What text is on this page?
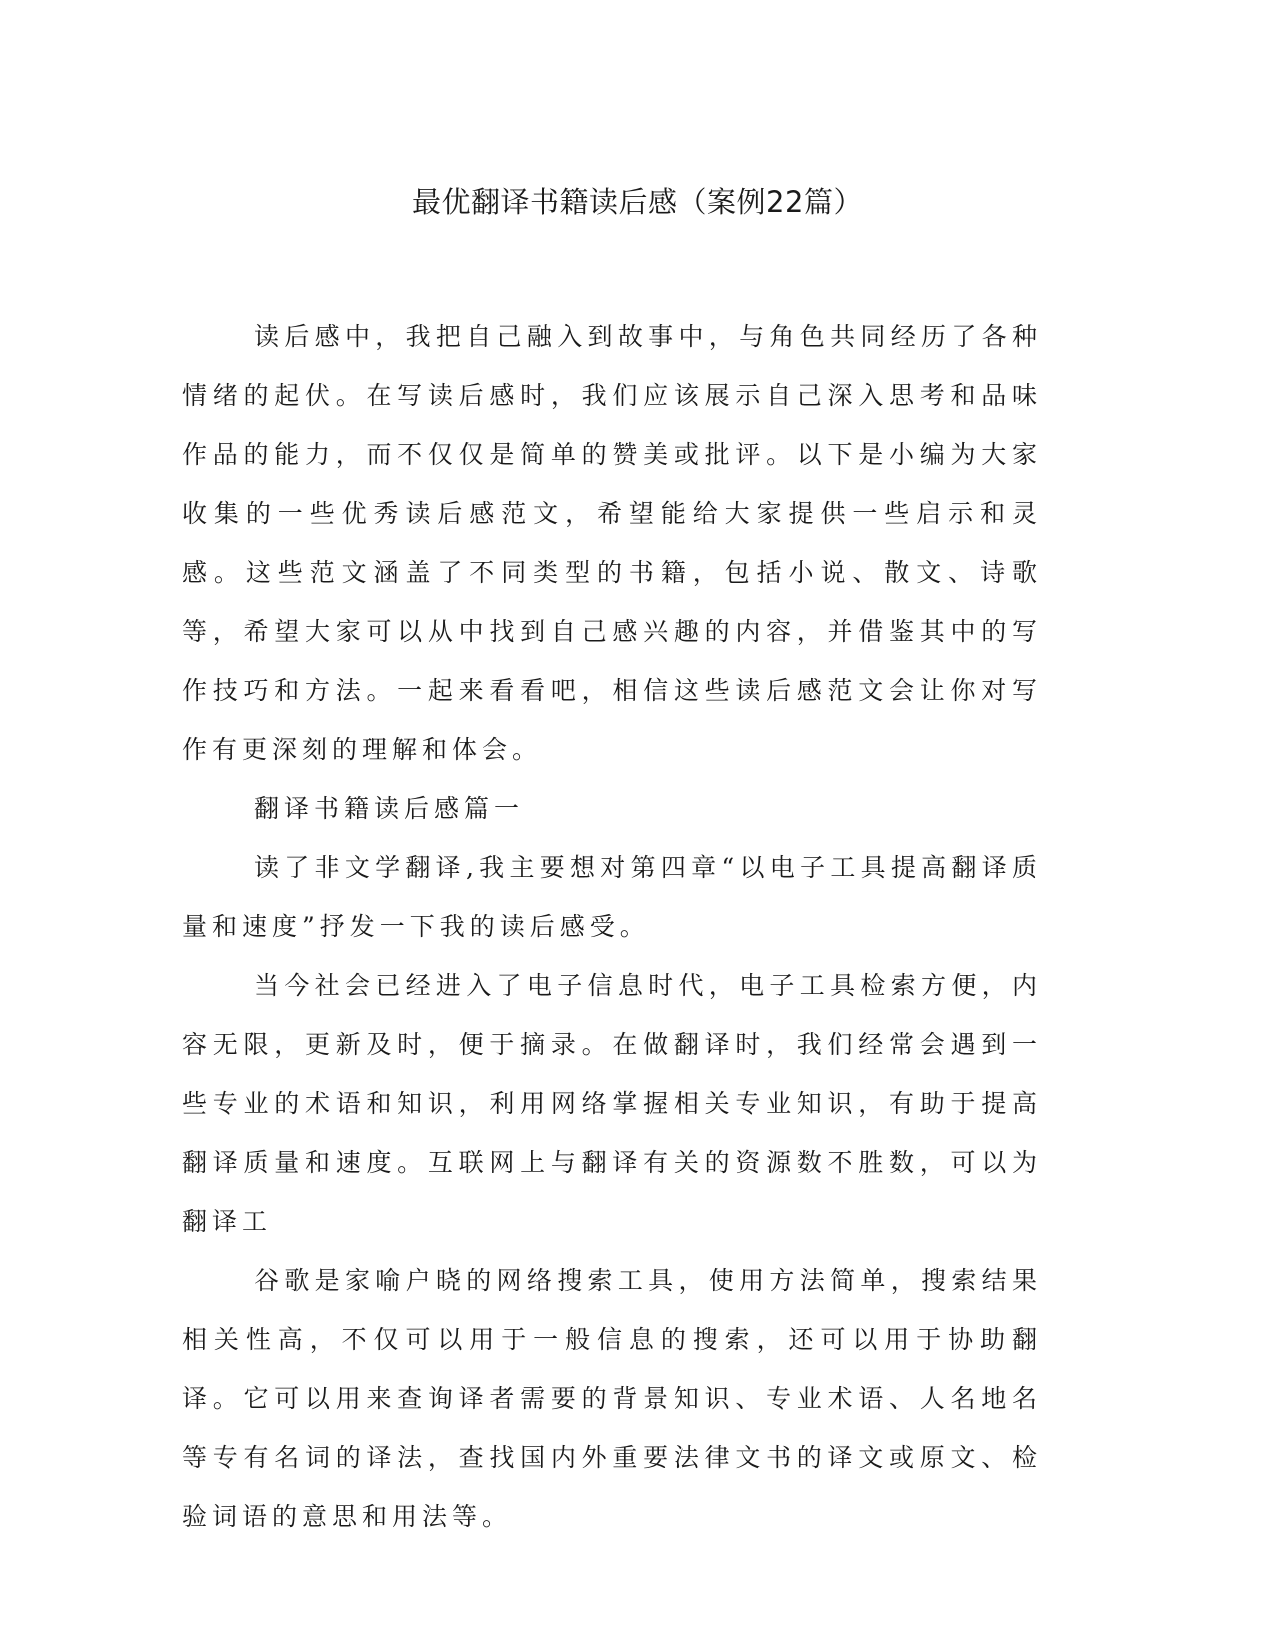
最优翻译书籍读后感（案例22篇）

读后感中，我把自己融入到故事中，与角色共同经历了各种情绪的起伏。在写读后感时，我们应该展示自己深入思考和品味作品的能力，而不仅仅是简单的赞美或批评。以下是小编为大家收集的一些优秀读后感范文，希望能给大家提供一些启示和灵感。这些范文涵盖了不同类型的书籍，包括小说、散文、诗歌等，希望大家可以从中找到自己感兴趣的内容，并借鉴其中的写作技巧和方法。一起来看看吧，相信这些读后感范文会让你对写作有更深刻的理解和体会。

翻译书籍读后感篇一

读了非文学翻译,我主要想对第四章“以电子工具提高翻译质量和速度”抒发一下我的读后感受。

当今社会已经进入了电子信息时代，电子工具检索方便，内容无限，更新及时，便于摘录。在做翻译时，我们经常会遇到一些专业的术语和知识，利用网络掌握相关专业知识，有助于提高翻译质量和速度。互联网上与翻译有关的资源数不胜数，可以为翻译工

谷歌是家喻户晓的网络搜索工具，使用方法简单，搜索结果相关性高，不仅可以用于一般信息的搜索，还可以用于协助翻译。它可以用来查询译者需要的背景知识、专业术语、人名地名等专有名词的译法，查找国内外重要法律文书的译文或原文、检验词语的意思和用法等。
